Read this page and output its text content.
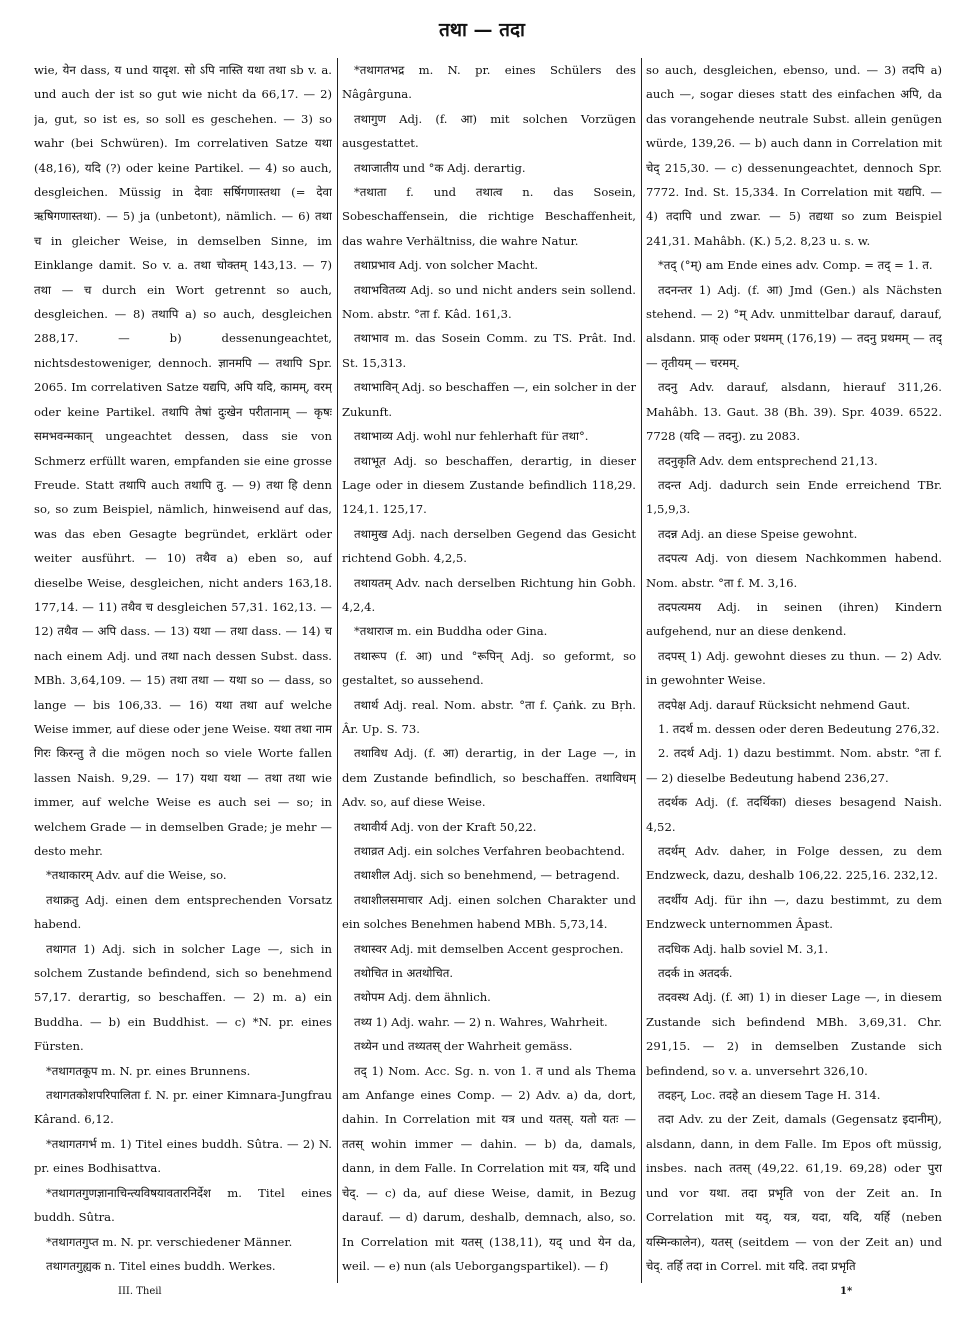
तथा — तदा

wie, येन dass, य und यादृश. सो ऽपि नास्ति यथा तथा sb v. a. und auch der ist so gut wie nicht da 66,17. — 2) ja, gut, so ist es, so soll es geschehen. — 3) so wahr (bei Schwüren). Im correlativen Satze यथा (48,16), यदि (?) oder keine Partikel. — 4) so auch, desgleichen. Müssig in देवाः सर्षिगणास्तथा (= देवा ऋषिगणास्तथा). — 5) ja (unbetont), nämlich. — 6) तथा च in gleicher Weise, in demselben Sinne, im Einklange damit. So v. a. तथा चोक्तम् 143,13. — 7) तथा — च durch ein Wort getrennt so auch, desgleichen. — 8) तथापि a) so auch, desgleichen 288,17. — b) dessenungeachtet, nichtsdestoweniger, dennoch. ज्ञानमपि — तथापि Spr. 2065. Im correlativen Satze यद्यपि, अपि यदि, कामम्, वरम् oder keine Partikel. तथापि तेषां दुःखेन परीतानाम् — कृषः समभवन्मकान् ungeachtet dessen, dass sie von Schmerz erfüllt waren, empfanden sie eine grosse Freude. Statt तथापि auch तथापि तु. — 9) तथा हि denn so, so zum Beispiel, nämlich, hinweisend auf das, was das eben Gesagte begründet, erklärt oder weiter ausführt. — 10) तथैव a) eben so, auf dieselbe Weise, desgleichen, nicht anders 163,18. 177,14. — 11) तथैव च desgleichen 57,31. 162,13. — 12) तथैव — अपि dass. — 13) यथा — तथा dass. — 14) च nach einem Adj. und तथा nach dessen Subst. dass. MBh. 3,64,109. — 15) तथा तथा — यथा so — dass, so lange — bis 106,33. — 16) यथा तथा auf welche Weise immer, auf diese oder jene Weise. यथा तथा नाम गिरः किरन्तु ते die mögen noch so viele Worte fallen lassen Naish. 9,29. — 17) यथा यथा — तथा तथा wie immer, auf welche Weise es auch sei — so; in welchem Grade — in demselben Grade; je mehr — desto mehr.

*तथाकारम् Adv. auf die Weise, so.

तथाक्रतु Adj. einen dem entsprechenden Vorsatz habend.

तथागत 1) Adj. sich in solcher Lage —, sich in solchem Zustande befindend, sich so benehmend 57,17. derartig, so beschaffen. — 2) m. a) ein Buddha. — b) ein Buddhist. — c) *N. pr. eines Fürsten.

*तथागतकूप m. N. pr. eines Brunnens.

तथागतकोशपरिपालिता f. N. pr. einer Kimnara-Jungfrau Kârand. 6,12.

*तथागतगर्भ m. 1) Titel eines buddh. Sûtra. — 2) N. pr. eines Bodhisattva.

*तथागतगुणज्ञानाचिन्त्यविषयावतारनिर्देश m. Titel eines buddh. Sûtra.

*तथागतगुप्त m. N. pr. verschiedener Männer.

तथागतगुह्यक n. Titel eines buddh. Werkes.

*तथागतभद्र m. N. pr. eines Schülers des Nâgârguna.

तथागुण Adj. (f. आ) mit solchen Vorzügen ausgestattet.

तथाजातीय und °क Adj. derartig.

*तथाता f. und तथात्व n. das Sosein, Sobeschaffensein, die richtige Beschaffenheit, das wahre Verhältniss, die wahre Natur.

तथाप्रभाव Adj. von solcher Macht.

तथाभवितव्य Adj. so und nicht anders sein sollend. Nom. abstr. °ता f. Kâd. 161,3.

तथाभाव m. das Sosein Comm. zu TS. Prât. Ind. St. 15,313.

तथाभाविन् Adj. so beschaffen —, ein solcher in der Zukunft.

तथाभाव्य Adj. wohl nur fehlerhaft für तथा°.

तथाभूत Adj. so beschaffen, derartig, in dieser Lage oder in diesem Zustande befindlich 118,29. 124,1. 125,17.

तथामुख Adj. nach derselben Gegend das Gesicht richtend Gobh. 4,2,5.

तथायतम् Adv. nach derselben Richtung hin Gobh. 4,2,4.

*तथाराज m. ein Buddha oder Gina.

तथारूप (f. आ) und °रूपिन् Adj. so geformt, so gestaltet, so aussehend.

तथार्थ Adj. real. Nom. abstr. °ता f. Çaṅk. zu Bṛh. Âr. Up. S. 73.

तथाविध Adj. (f. आ) derartig, in der Lage —, in dem Zustande befindlich, so beschaffen. तथाविधम् Adv. so, auf diese Weise.

तथावीर्य Adj. von der Kraft 50,22.

तथाव्रत Adj. ein solches Verfahren beobachtend.

तथाशील Adj. sich so benehmend, — betragend.

तथाशीलसमाचार Adj. einen solchen Charakter und ein solches Benehmen habend MBh. 5,73,14.

तथास्वर Adj. mit demselben Accent gesprochen.

तथोचित in अतथोचित.

तथोपम Adj. dem ähnlich.

तथ्य 1) Adj. wahr. — 2) n. Wahres, Wahrheit.

तथ्येन und तथ्यतस् der Wahrheit gemäss.

तद् 1) Nom. Acc. Sg. n. von 1. त und als Thema am Anfange eines Comp. — 2) Adv. a) da, dort, dahin. In Correlation mit यत्र und यतस्. यतो यतः — ततस् wohin immer — dahin. — b) da, damals, dann, in dem Falle. In Correlation mit यत्र, यदि und चेद्. — c) da, auf diese Weise, damit, in Bezug darauf. — d) darum, deshalb, demnach, also, so. In Correlation mit यतस् (138,11), यद् und येन da, weil. — e) nun (als Ueborgangspartikel). — f)

so auch, desgleichen, ebenso, und. — 3) तदपि a) auch —, sogar dieses statt des einfachen अपि, da das vorangehende neutrale Subst. allein genügen würde, 139,26. — b) auch dann in Correlation mit चेद् 215,30. — c) dessenungeachtet, dennoch Spr. 7772. Ind. St. 15,334. In Correlation mit यद्यपि. — 4) तदापि und zwar. — 5) तद्यथा so zum Beispiel 241,31. Mahâbh. (K.) 5,2. 8,23 u. s. w.

*तद् (°म्) am Ende eines adv. Comp. = तद् = 1. त.

तदनन्तर 1) Adj. (f. आ) Jmd (Gen.) als Nächsten stehend. — 2) °म् Adv. unmittelbar darauf, darauf, alsdann. प्राक् oder प्रथमम् (176,19) — तदनु प्रथमम् — तद् — तृतीयम् — चरमम्.

तदनु Adv. darauf, alsdann, hierauf 311,26. Mahâbh. 13. Gaut. 38 (Bh. 39). Spr. 4039. 6522. 7728 (यदि — तदनु). zu 2083.

तदनुकृति Adv. dem entsprechend 21,13.

तदन्त Adj. dadurch sein Ende erreichend TBr. 1,5,9,3.

तदन्न Adj. an diese Speise gewohnt.

तदपत्य Adj. von diesem Nachkommen habend. Nom. abstr. °ता f. M. 3,16.

तदपत्यमय Adj. in seinen (ihren) Kindern aufgehend, nur an diese denkend.

तदपस् 1) Adj. gewohnt dieses zu thun. — 2) Adv. in gewohnter Weise.

तदपेक्ष Adj. darauf Rücksicht nehmend Gaut.

1. तदर्थ m. dessen oder deren Bedeutung 276,32.

2. तदर्थ Adj. 1) dazu bestimmt. Nom. abstr. °ता f. — 2) dieselbe Bedeutung habend 236,27.

तदर्थक Adj. (f. तदर्थिका) dieses besagend Naish. 4,52.

तदर्थम् Adv. daher, in Folge dessen, zu dem Endzweck, dazu, deshalb 106,22. 225,16. 232,12.

तदर्थीय Adj. für ihn —, dazu bestimmt, zu dem Endzweck unternommen Âpast.

तदधिक Adj. halb soviel M. 3,1.

तदर्क in अतदर्क.

तदवस्थ Adj. (f. आ) 1) in dieser Lage —, in diesem Zustande sich befindend MBh. 3,69,31. Chr. 291,15. — 2) in demselben Zustande sich befindend, so v. a. unversehrt 326,10.

तदहन्, Loc. तदहे an diesem Tage H. 314.

तदा Adv. zu der Zeit, damals (Gegensatz इदानीम्), alsdann, dann, in dem Falle. Im Epos oft müssig, insbes. nach ततस् (49,22. 61,19. 69,28) oder पुरा und vor यथा. तदा प्रभृति von der Zeit an. In Correlation mit यद्, यत्र, यदा, यदि, यर्हि (neben यस्मिन्कालेन), यतस् (seitdem — von der Zeit an) und चेद्. तर्हि तदा in Correl. mit यदि. तदा प्रभृति

III. Theil	1*
